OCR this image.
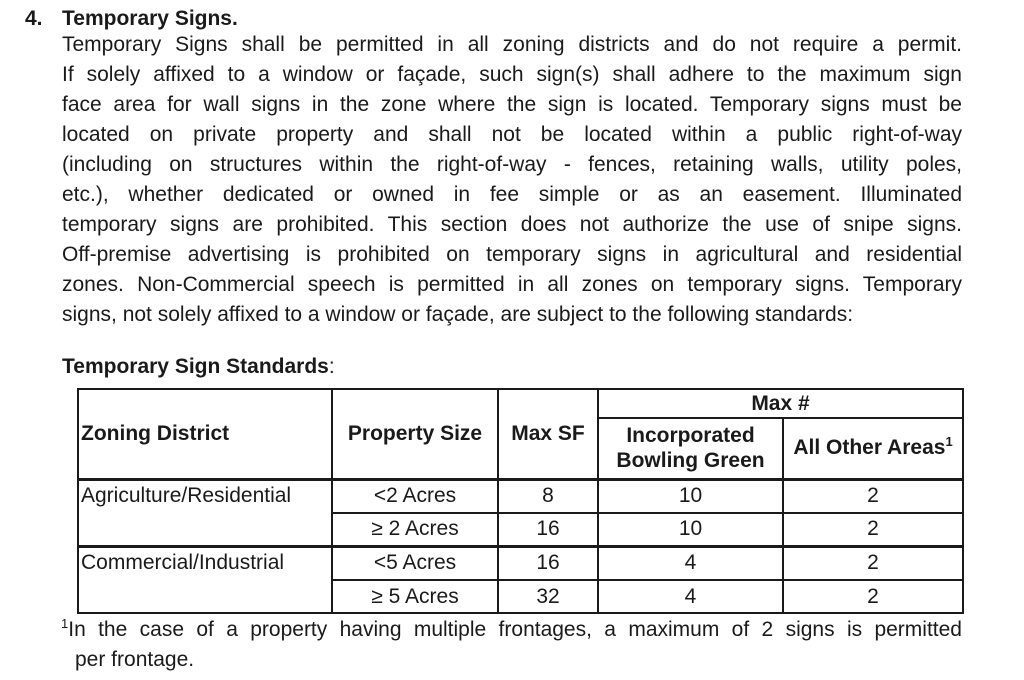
4. Temporary Signs.
Temporary Signs shall be permitted in all zoning districts and do not require a permit.
If solely affixed to a window or façade, such sign(s) shall adhere to the maximum sign
face area for wall signs in the zone where the sign is located. Temporary signs must be
located on private property and shall not be located within a public right-of-way
(including on structures within the right-of-way - fences, retaining walls, utility poles,
etc.), whether dedicated or owned in fee simple or as an easement. Illuminated
temporary signs are prohibited. This section does not authorize the use of snipe signs.
Off-premise advertising is prohibited on temporary signs in agricultural and residential
zones. Non-Commercial speech is permitted in all zones on temporary signs. Temporary
signs, not solely affixed to a window or façade, are subject to the following standards:
Temporary Sign Standards:
Zoning District	Property Size	Max SF	Max #	
			Incorporated Bowling Green	All Other Areas$^1$
Agriculture/Residential	<2 Acres	8	10	2
	≥ 2 Acres	16	10	2
Commercial/Industrial	<5 Acres	16	4	2
	≥ 5 Acres	32	4	2
$^1$In the case of a property having multiple frontages, a maximum of 2 signs is permitted
per frontage.
